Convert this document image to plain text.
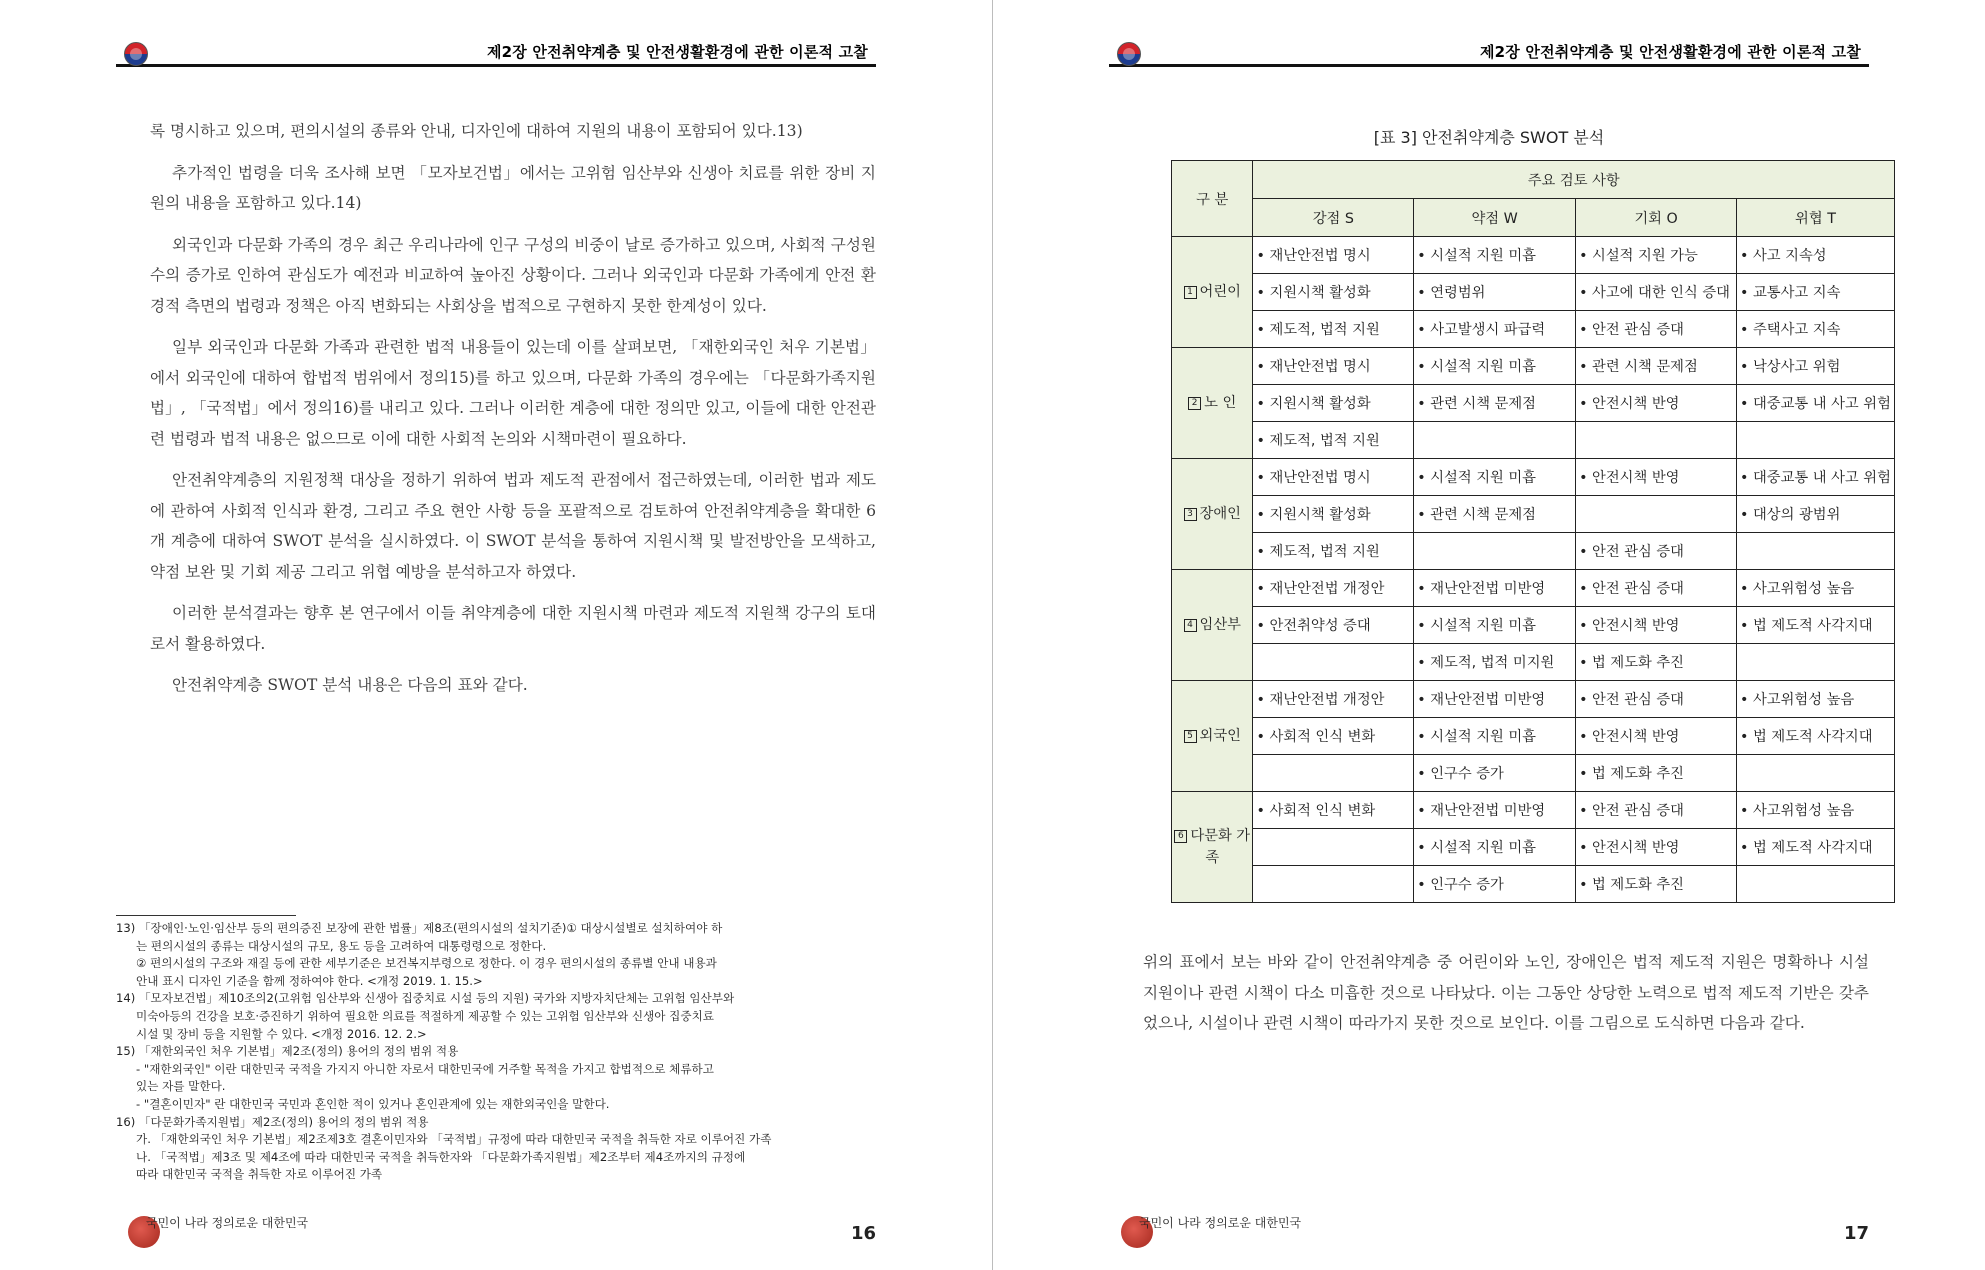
제2장 안전취약계층 및 안전생활환경에 관한 이론적 고찰

록 명시하고 있으며, 편의시설의 종류와 안내, 디자인에 대하여 지원의 내용이 포함되어 있다.13)

추가적인 법령을 더욱 조사해 보면 「모자보건법」에서는 고위험 임산부와 신생아 치료를 위한 장비 지원의 내용을 포함하고 있다.14)

외국인과 다문화 가족의 경우 최근 우리나라에 인구 구성의 비중이 날로 증가하고 있으며, 사회적 구성원 수의 증가로 인하여 관심도가 예전과 비교하여 높아진 상황이다. 그러나 외국인과 다문화 가족에게 안전 환경적 측면의 법령과 정책은 아직 변화되는 사회상을 법적으로 구현하지 못한 한계성이 있다.

일부 외국인과 다문화 가족과 관련한 법적 내용들이 있는데 이를 살펴보면, 「재한외국인 처우 기본법」에서 외국인에 대하여 합법적 범위에서 정의15)를 하고 있으며, 다문화 가족의 경우에는 「다문화가족지원법」, 「국적법」에서 정의16)를 내리고 있다. 그러나 이러한 계층에 대한 정의만 있고, 이들에 대한 안전관련 법령과 법적 내용은 없으므로 이에 대한 사회적 논의와 시책마련이 필요하다.

안전취약계층의 지원정책 대상을 정하기 위하여 법과 제도적 관점에서 접근하였는데, 이러한 법과 제도에 관하여 사회적 인식과 환경, 그리고 주요 현안 사항 등을 포괄적으로 검토하여 안전취약계층을 확대한 6개 계층에 대하여 SWOT 분석을 실시하였다. 이 SWOT 분석을 통하여 지원시책 및 발전방안을 모색하고, 약점 보완 및 기회 제공 그리고 위협 예방을 분석하고자 하였다.

이러한 분석결과는 향후 본 연구에서 이들 취약계층에 대한 지원시책 마련과 제도적 지원책 강구의 토대로서 활용하였다.

안전취약계층 SWOT 분석 내용은 다음의 표와 같다.

13) 「장애인·노인·임산부 등의 편의증진 보장에 관한 법률」제8조(편의시설의 설치기준)① 대상시설별로 설치하여야 하
는 편의시설의 종류는 대상시설의 규모, 용도 등을 고려하여 대통령령으로 정한다.
② 편의시설의 구조와 재질 등에 관한 세부기준은 보건복지부령으로 정한다. 이 경우 편의시설의 종류별 안내 내용과
안내 표시 디자인 기준을 함께 정하여야 한다. <개정 2019. 1. 15.>
14) 「모자보건법」제10조의2(고위험 임산부와 신생아 집중치료 시설 등의 지원) 국가와 지방자치단체는 고위험 임산부와
미숙아등의 건강을 보호·증진하기 위하여 필요한 의료를 적절하게 제공할 수 있는 고위험 임산부와 신생아 집중치료
시설 및 장비 등을 지원할 수 있다. <개정 2016. 12. 2.>
15) 「재한외국인 처우 기본법」제2조(정의) 용어의 정의 범위 적용
- "재한외국인" 이란 대한민국 국적을 가지지 아니한 자로서 대한민국에 거주할 목적을 가지고 합법적으로 체류하고
있는 자를 말한다.
- "결혼이민자" 란 대한민국 국민과 혼인한 적이 있거나 혼인관계에 있는 재한외국인을 말한다.
16) 「다문화가족지원법」제2조(정의) 용어의 정의 범위 적용
가. 「재한외국인 처우 기본법」제2조제3호 결혼이민자와 「국적법」규정에 따라 대한민국 국적을 취득한 자로 이루어진 가족
나. 「국적법」제3조 및 제4조에 따라 대한민국 국적을 취득한자와 「다문화가족지원법」제2조부터 제4조까지의 규정에
따라 대한민국 국적을 취득한 자로 이루어진 가족
국민이 나라 정의로운 대한민국	16
제2장 안전취약계층 및 안전생활환경에 관한 이론적 고찰
[표 3] 안전취약계층 SWOT 분석
구 분	주요 검토 사항			
	강점 S	약점 W	기회 O	위협 T
1 어린이	• 재난안전법 명시	• 시설적 지원 미흡	• 시설적 지원 가능	• 사고 지속성
	• 지원시책 활성화	• 연령범위	• 사고에 대한 인식 증대	• 교통사고 지속
	• 제도적, 법적 지원	• 사고발생시 파급력	• 안전 관심 증대	• 주택사고 지속
2 노 인	• 재난안전법 명시	• 시설적 지원 미흡	• 관련 시책 문제점	• 낙상사고 위험
	• 지원시책 활성화	• 관련 시책 문제점	• 안전시책 반영	• 대중교통 내 사고 위험
	• 제도적, 법적 지원			
3 장애인	• 재난안전법 명시	• 시설적 지원 미흡	• 안전시책 반영	• 대중교통 내 사고 위험
	• 지원시책 활성화	• 관련 시책 문제점		• 대상의 광범위
	• 제도적, 법적 지원		• 안전 관심 증대	
4 임산부	• 재난안전법 개정안	• 재난안전법 미반영	• 안전 관심 증대	• 사고위험성 높음
	• 안전취약성 증대	• 시설적 지원 미흡	• 안전시책 반영	• 법 제도적 사각지대
		• 제도적, 법적 미지원	• 법 제도화 추진	
5 외국인	• 재난안전법 개정안	• 재난안전법 미반영	• 안전 관심 증대	• 사고위험성 높음
	• 사회적 인식 변화	• 시설적 지원 미흡	• 안전시책 반영	• 법 제도적 사각지대
		• 인구수 증가	• 법 제도화 추진	
6 다문화 가족	• 사회적 인식 변화	• 재난안전법 미반영	• 안전 관심 증대	• 사고위험성 높음
		• 시설적 지원 미흡	• 안전시책 반영	• 법 제도적 사각지대
		• 인구수 증가	• 법 제도화 추진	

위의 표에서 보는 바와 같이 안전취약계층 중 어린이와 노인, 장애인은 법적 제도적 지원은 명확하나 시설 지원이나 관련 시책이 다소 미흡한 것으로 나타났다. 이는 그동안 상당한 노력으로 법적 제도적 기반은 갖추었으나, 시설이나 관련 시책이 따라가지 못한 것으로 보인다. 이를 그림으로 도식하면 다음과 같다.

국민이 나라 정의로운 대한민국	17
